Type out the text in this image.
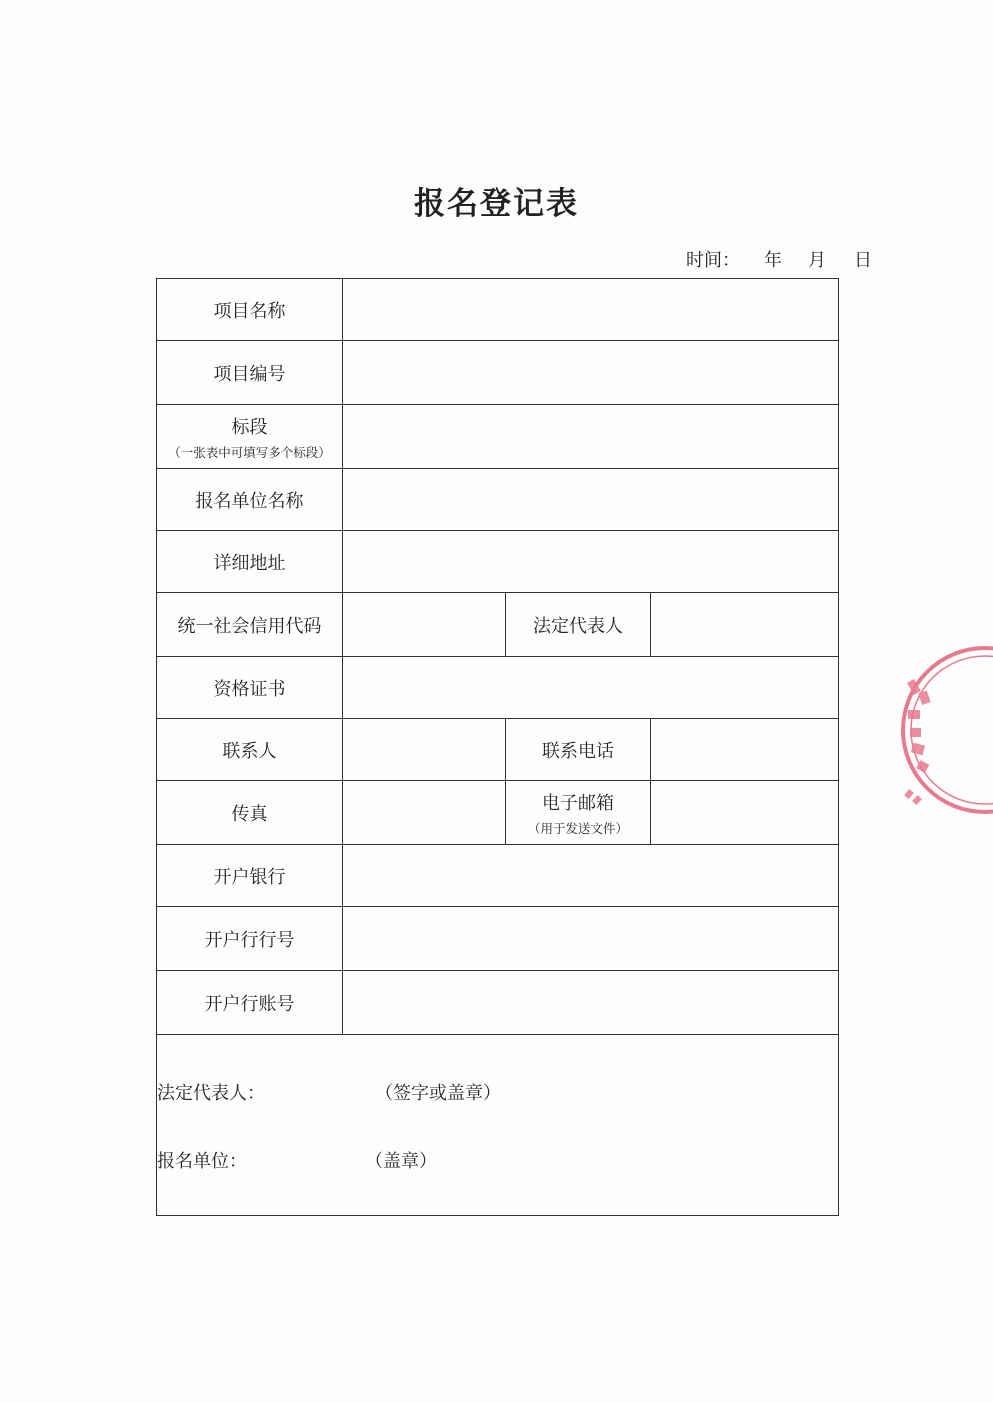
报名登记表
时间： 年 月 日
项目名称			
项目编号			
标段
（一张表中可填写多个标段）			

报名单位名称			
详细地址			
统一社会信用代码		法定代表人	
资格证书			
联系人		联系电话	
传真		电子邮箱
（用于发送文件）	

开户银行			
开户行行号			
开户行账号			

法定代表人： （签字或盖章）
报名单位： （盖章）			
